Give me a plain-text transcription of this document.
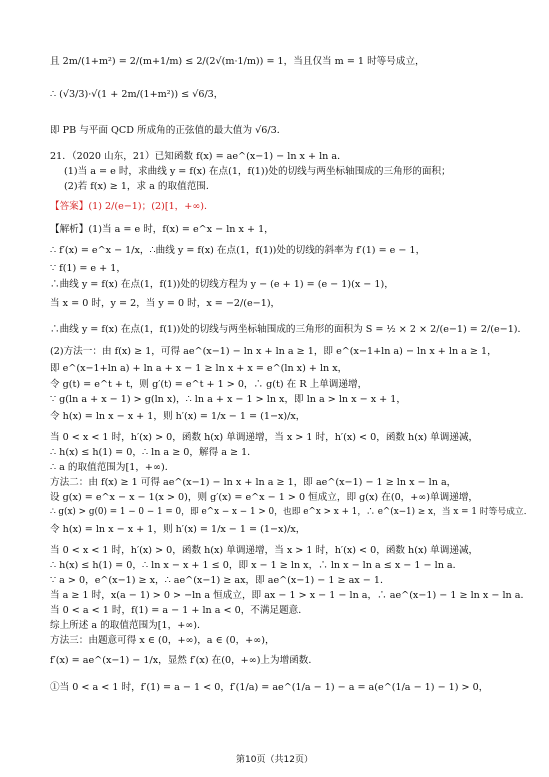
且 2m/(1+m²) = 2/(m+1/m) ≤ 2/(2√(m·1/m)) = 1，当且仅当 m = 1 时等号成立，
∴ (√3/3)·√(1 + 2m/(1+m²)) ≤ √6/3，
即 PB 与平面 QCD 所成角的正弦值的最大值为 √6/3．
21．（2020 山东，21）已知函数 f(x) = ae^(x−1) − ln x + ln a．
(1)当 a = e 时，求曲线 y = f(x) 在点(1，f(1))处的切线与两坐标轴围成的三角形的面积；
(2)若 f(x) ≥ 1，求 a 的取值范围．
【答案】(1) 2/(e−1)；(2)[1，+∞)．
【解析】(1)当 a = e 时，f(x) = e^x − ln x + 1，
∴ f′(x) = e^x − 1/x，∴曲线 y = f(x) 在点(1，f(1))处的切线的斜率为 f′(1) = e − 1，
∵ f(1) = e + 1，
∴曲线 y = f(x) 在点(1，f(1))处的切线方程为 y − (e + 1) = (e − 1)(x − 1)，
当 x = 0 时，y = 2，当 y = 0 时，x = −2/(e−1)，
∴曲线 y = f(x) 在点(1，f(1))处的切线与两坐标轴围成的三角形的面积为 S = ½ × 2 × 2/(e−1) = 2/(e−1)．
(2)方法一：由 f(x) ≥ 1，可得 ae^(x−1) − ln x + ln a ≥ 1，即 e^(x−1+ln a) − ln x + ln a ≥ 1，
即 e^(x−1+ln a) + ln a + x − 1 ≥ ln x + x = e^(ln x) + ln x，
令 g(t) = e^t + t，则 g′(t) = e^t + 1 > 0，∴ g(t) 在 R 上单调递增，
∵ g(ln a + x − 1) > g(ln x)，∴ ln a + x − 1 > ln x，即 ln a > ln x − x + 1，
令 h(x) = ln x − x + 1，则 h′(x) = 1/x − 1 = (1−x)/x，
当 0 < x < 1 时，h′(x) > 0，函数 h(x) 单调递增，当 x > 1 时，h′(x) < 0，函数 h(x) 单调递减，
∴ h(x) ≤ h(1) = 0，∴ ln a ≥ 0，解得 a ≥ 1．
∴ a 的取值范围为[1，+∞)．
方法二：由 f(x) ≥ 1 可得 ae^(x−1) − ln x + ln a ≥ 1，即 ae^(x−1) − 1 ≥ ln x − ln a，
设 g(x) = e^x − x − 1(x > 0)，则 g′(x) = e^x − 1 > 0 恒成立，即 g(x) 在(0，+∞)单调递增，
∴ g(x) > g(0) = 1 − 0 − 1 = 0，即 e^x − x − 1 > 0，也即 e^x > x + 1，∴ e^(x−1) ≥ x，当 x = 1 时等号成立．
令 h(x) = ln x − x + 1，则 h′(x) = 1/x − 1 = (1−x)/x，
当 0 < x < 1 时，h′(x) > 0，函数 h(x) 单调递增，当 x > 1 时，h′(x) < 0，函数 h(x) 单调递减，
∴ h(x) ≤ h(1) = 0，∴ ln x − x + 1 ≤ 0，即 x − 1 ≥ ln x，∴ ln x − ln a ≤ x − 1 − ln a．
∵ a > 0，e^(x−1) ≥ x，∴ ae^(x−1) ≥ ax，即 ae^(x−1) − 1 ≥ ax − 1．
当 a ≥ 1 时，x(a − 1) > 0 > −ln a 恒成立，即 ax − 1 > x − 1 − ln a，∴ ae^(x−1) − 1 ≥ ln x − ln a．
当 0 < a < 1 时，f(1) = a − 1 + ln a < 0，不满足题意．
综上所述 a 的取值范围为[1，+∞)．
方法三：由题意可得 x ∈ (0，+∞)，a ∈ (0，+∞)，
f′(x) = ae^(x−1) − 1/x，显然 f′(x) 在(0，+∞)上为增函数．
①当 0 < a < 1 时，f′(1) = a − 1 < 0，f′(1/a) = ae^(1/a − 1) − a = a(e^(1/a − 1) − 1) > 0，
第10页（共12页）
